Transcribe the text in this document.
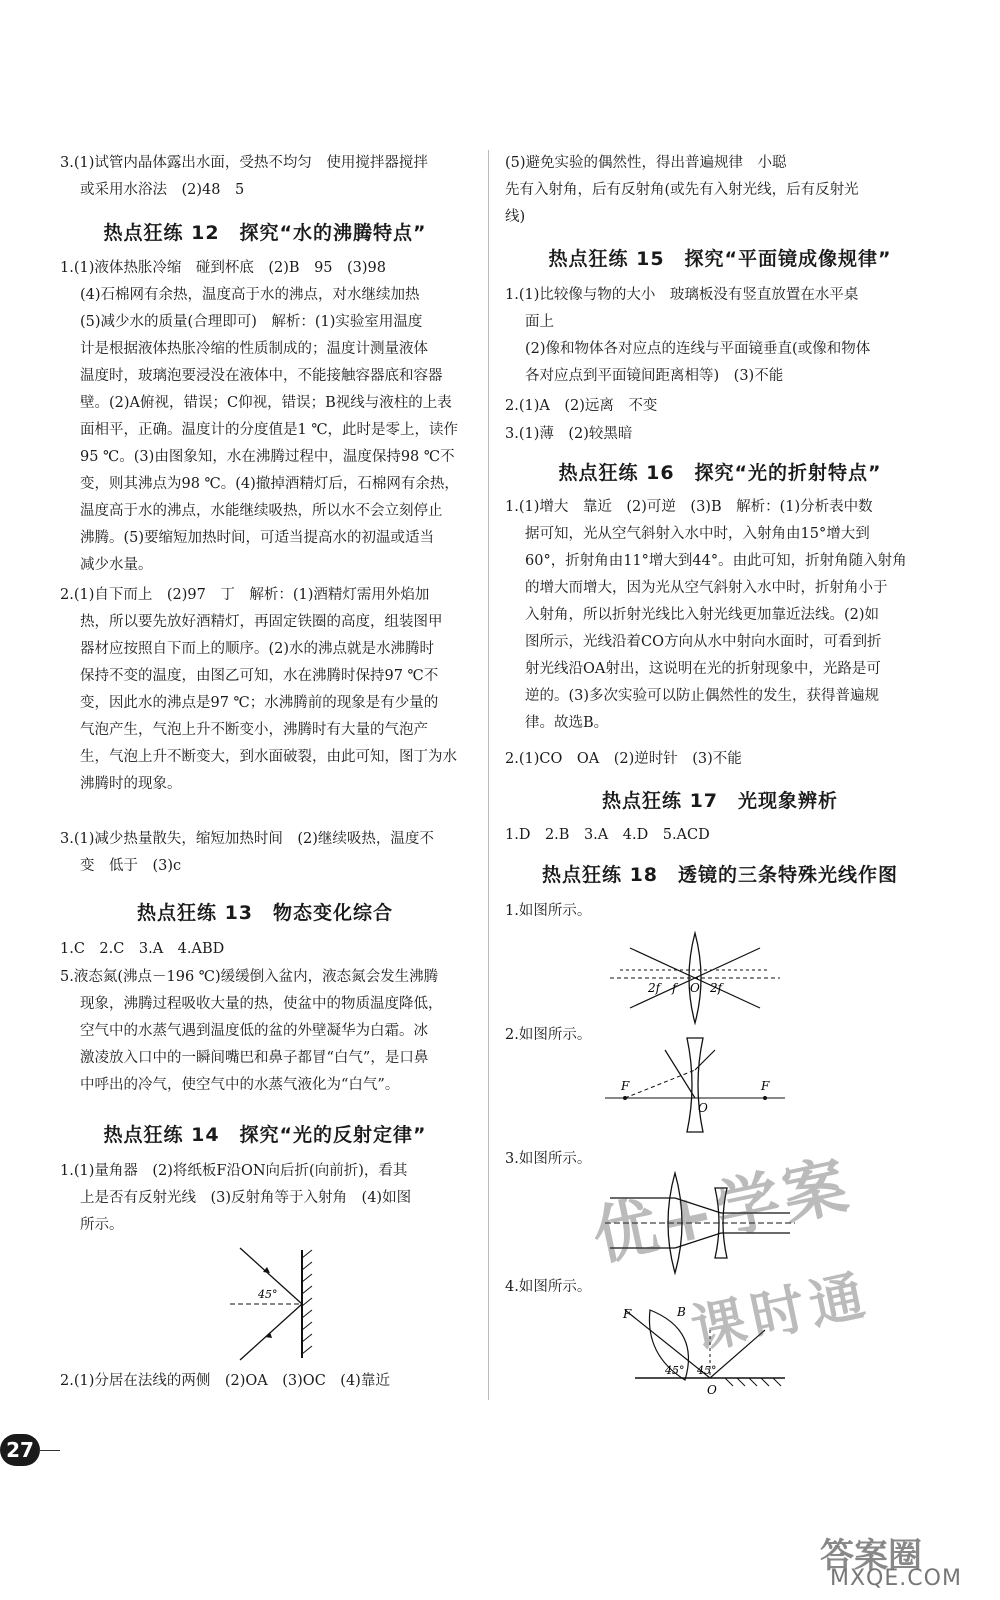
3.(1)试管内晶体露出水面，受热不均匀　使用搅拌器搅拌
或采用水浴法　(2)48　5
热点狂练 12　探究“水的沸腾特点”
1.(1)液体热胀冷缩　碰到杯底　(2)B　95　(3)98
(4)石棉网有余热，温度高于水的沸点，对水继续加热
(5)减少水的质量(合理即可)　解析：(1)实验室用温度
计是根据液体热胀冷缩的性质制成的；温度计测量液体
温度时，玻璃泡要浸没在液体中，不能接触容器底和容器
壁。(2)A俯视，错误；C仰视，错误；B视线与液柱的上表
面相平，正确。温度计的分度值是1 ℃，此时是零上，读作
95 ℃。(3)由图象知，水在沸腾过程中，温度保持98 ℃不
变，则其沸点为98 ℃。(4)撤掉酒精灯后，石棉网有余热，
温度高于水的沸点，水能继续吸热，所以水不会立刻停止
沸腾。(5)要缩短加热时间，可适当提高水的初温或适当
减少水量。
2.(1)自下而上　(2)97　丁　解析：(1)酒精灯需用外焰加
热，所以要先放好酒精灯，再固定铁圈的高度，组装图甲
器材应按照自下而上的顺序。(2)水的沸点就是水沸腾时
保持不变的温度，由图乙可知，水在沸腾时保持97 ℃不
变，因此水的沸点是97 ℃；水沸腾前的现象是有少量的
气泡产生，气泡上升不断变小，沸腾时有大量的气泡产
生，气泡上升不断变大，到水面破裂，由此可知，图丁为水
沸腾时的现象。
3.(1)减少热量散失，缩短加热时间　(2)继续吸热，温度不
变　低于　(3)c
热点狂练 13　物态变化综合
1.C　2.C　3.A　4.ABD
5.液态氮(沸点－196 ℃)缓缓倒入盆内，液态氮会发生沸腾
现象，沸腾过程吸收大量的热，使盆中的物质温度降低，
空气中的水蒸气遇到温度低的盆的外壁凝华为白霜。冰
激凌放入口中的一瞬间嘴巴和鼻子都冒“白气”，是口鼻
中呼出的冷气，使空气中的水蒸气液化为“白气”。
热点狂练 14　探究“光的反射定律”
1.(1)量角器　(2)将纸板F沿ON向后折(向前折)，看其
上是否有反射光线　(3)反射角等于入射角　(4)如图
所示。
45°
2.(1)分居在法线的两侧　(2)OA　(3)OC　(4)靠近
(5)避免实验的偶然性，得出普遍规律　小聪
先有入射角，后有反射角(或先有入射光线，后有反射光
线)
热点狂练 15　探究“平面镜成像规律”
1.(1)比较像与物的大小　玻璃板没有竖直放置在水平桌
面上
(2)像和物体各对应点的连线与平面镜垂直(或像和物体
各对应点到平面镜间距离相等)　(3)不能
2.(1)A　(2)远离　不变
3.(1)薄　(2)较黑暗
热点狂练 16　探究“光的折射特点”
1.(1)增大　靠近　(2)可逆　(3)B　解析：(1)分析表中数
据可知，光从空气斜射入水中时，入射角由15°增大到
60°，折射角由11°增大到44°。由此可知，折射角随入射角
的增大而增大，因为光从空气斜射入水中时，折射角小于
入射角，所以折射光线比入射光线更加靠近法线。(2)如
图所示，光线沿着CO方向从水中射向水面时，可看到折
射光线沿OA射出，这说明在光的折射现象中，光路是可
逆的。(3)多次实验可以防止偶然性的发生，获得普遍规
律。故选B。
2.(1)CO　OA　(2)逆时针　(3)不能
热点狂练 17　光现象辨析
1.D　2.B　3.A　4.D　5.ACD
热点狂练 18　透镜的三条特殊光线作图
1.如图所示。
2f f O 2f
2.如图所示。
F
O
F
3.如图所示。
4.如图所示。
F	B
45° 45°
O
优+学案
课时通
27
答案圈
MXQE.COM
